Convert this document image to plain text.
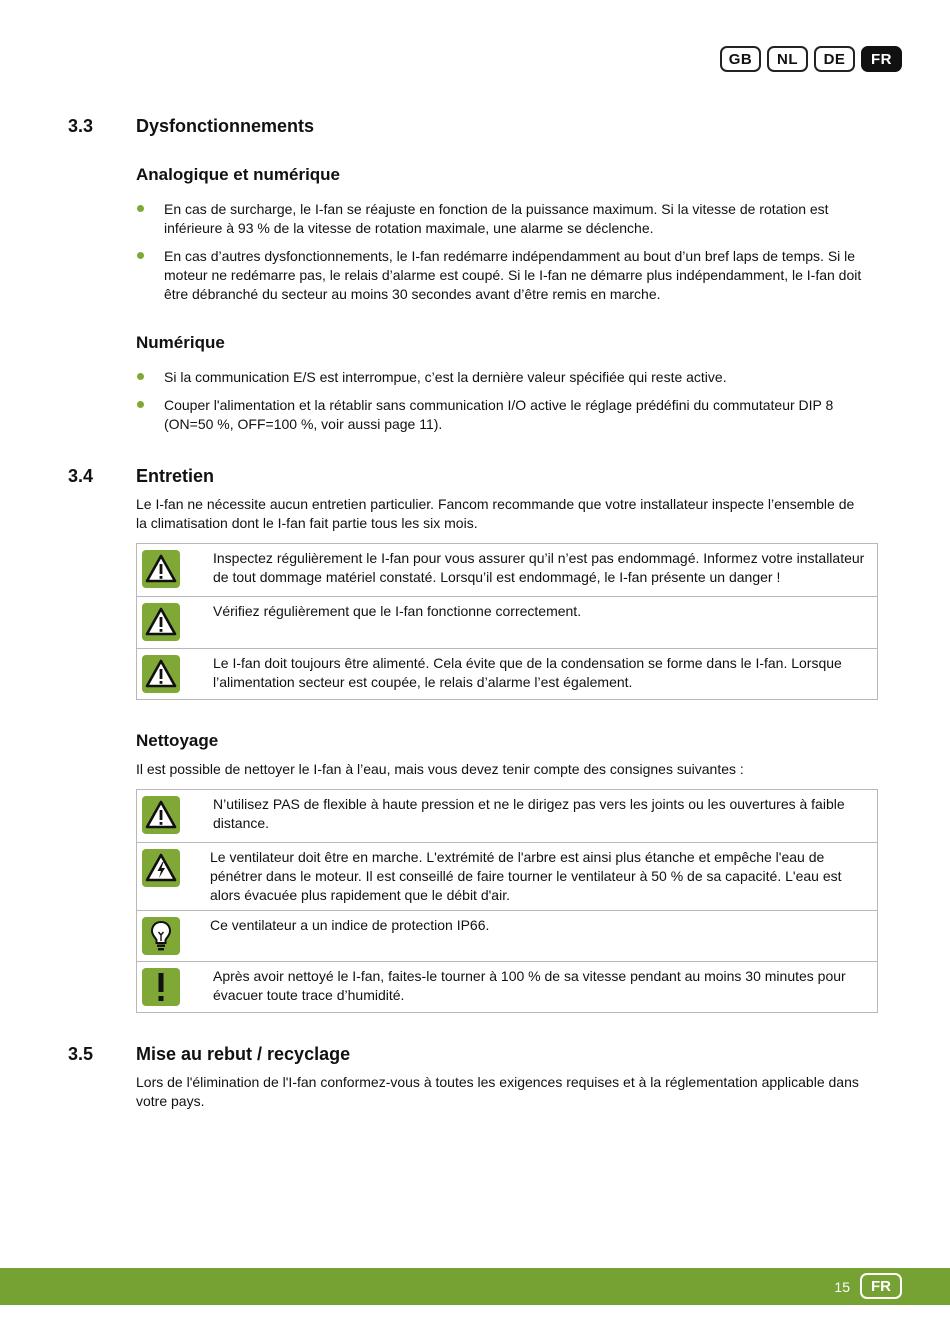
GB	NL	DE	FR
3.3 Dysfonctionnements
Analogique et numérique
En cas de surcharge, le I-fan se réajuste en fonction de la puissance maximum. Si la vitesse de rotation est inférieure à 93 % de la vitesse de rotation maximale, une alarme se déclenche.
En cas d’autres dysfonctionnements, le I-fan redémarre indépendamment au bout d’un bref laps de temps. Si le moteur ne redémarre pas, le relais d’alarme est coupé. Si le I-fan ne démarre plus indépendamment, le I-fan doit être débranché du secteur au moins 30 secondes avant d’être remis en marche.
Numérique
Si la communication E/S est interrompue, c’est la dernière valeur spécifiée qui reste active.
Couper l'alimentation et la rétablir sans communication I/O active le réglage prédéfini du commutateur DIP 8 (ON=50 %, OFF=100 %, voir aussi page 11).
3.4 Entretien
Le I-fan ne nécessite aucun entretien particulier. Fancom recommande que votre installateur inspecte l’ensemble de la climatisation dont le I-fan fait partie tous les six mois.
Inspectez régulièrement le I-fan pour vous assurer qu’il n’est pas endommagé. Informez votre installateur de tout dommage matériel constaté. Lorsqu’il est endommagé, le I-fan présente un danger !
Vérifiez régulièrement que le I-fan fonctionne correctement.
Le I-fan doit toujours être alimenté. Cela évite que de la condensation se forme dans le I-fan. Lorsque l’alimentation secteur est coupée, le relais d’alarme l’est également.
Nettoyage
Il est possible de nettoyer le I-fan à l’eau, mais vous devez tenir compte des consignes suivantes :
N’utilisez PAS de flexible à haute pression et ne le dirigez pas vers les joints ou les ouvertures à faible distance.
Le ventilateur doit être en marche. L'extrémité de l'arbre est ainsi plus étanche et empêche l'eau de pénétrer dans le moteur. Il est conseillé de faire tourner le ventilateur à 50 % de sa capacité. L'eau est alors évacuée plus rapidement que le débit d'air.
Ce ventilateur a un indice de protection IP66.
Après avoir nettoyé le I-fan, faites-le tourner à 100 % de sa vitesse pendant au moins 30 minutes pour évacuer toute trace d’humidité.
3.5 Mise au rebut / recyclage
Lors de l'élimination de l'I-fan conformez-vous à toutes les exigences requises et à la réglementation applicable dans votre pays.
15	FR
